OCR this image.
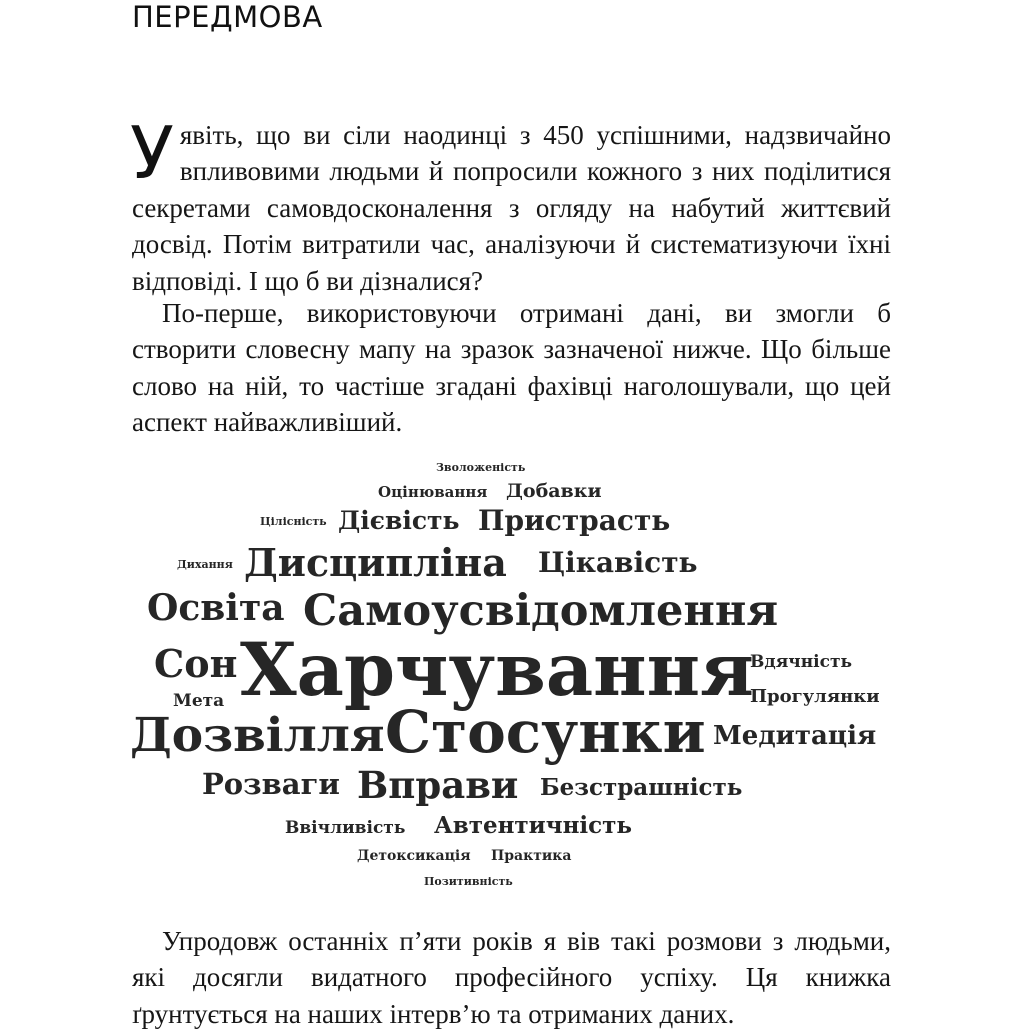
ПЕРЕДМОВА

Уявіть, що ви сіли наодинці з 450 успішними, надзвичайно впливовими людьми й попросили кожного з них поділитися секретами самовдосконалення з огляду на набутий життєвий досвід. Потім витратили час, аналізуючи й систематизуючи їхні відповіді. І що б ви дізналися?

По-перше, використовуючи отримані дані, ви змогли б створити словесну мапу на зразок зазначеної нижче. Що більше слово на ній, то частіше згадані фахівці наголошували, що цей аспект найважливіший.

Зволоженість
Оцінювання Добавки
Цілісність Дієвість Пристрасть
Дихання Дисципліна Цікавість
Освіта Самоусвідомлення
Сон Харчування
Вдячність
Мета	Прогулянки
Дозвілля Стосунки Медитація
Розваги Вправи Безстрашність
Ввічливість Автентичність
Детоксикація Практика
Позитивність

Упродовж останніх п’яти років я вів такі розмови з людьми, які досягли видатного професійного успіху. Ця книжка ґрунтується на наших інтерв’ю та отриманих даних.
